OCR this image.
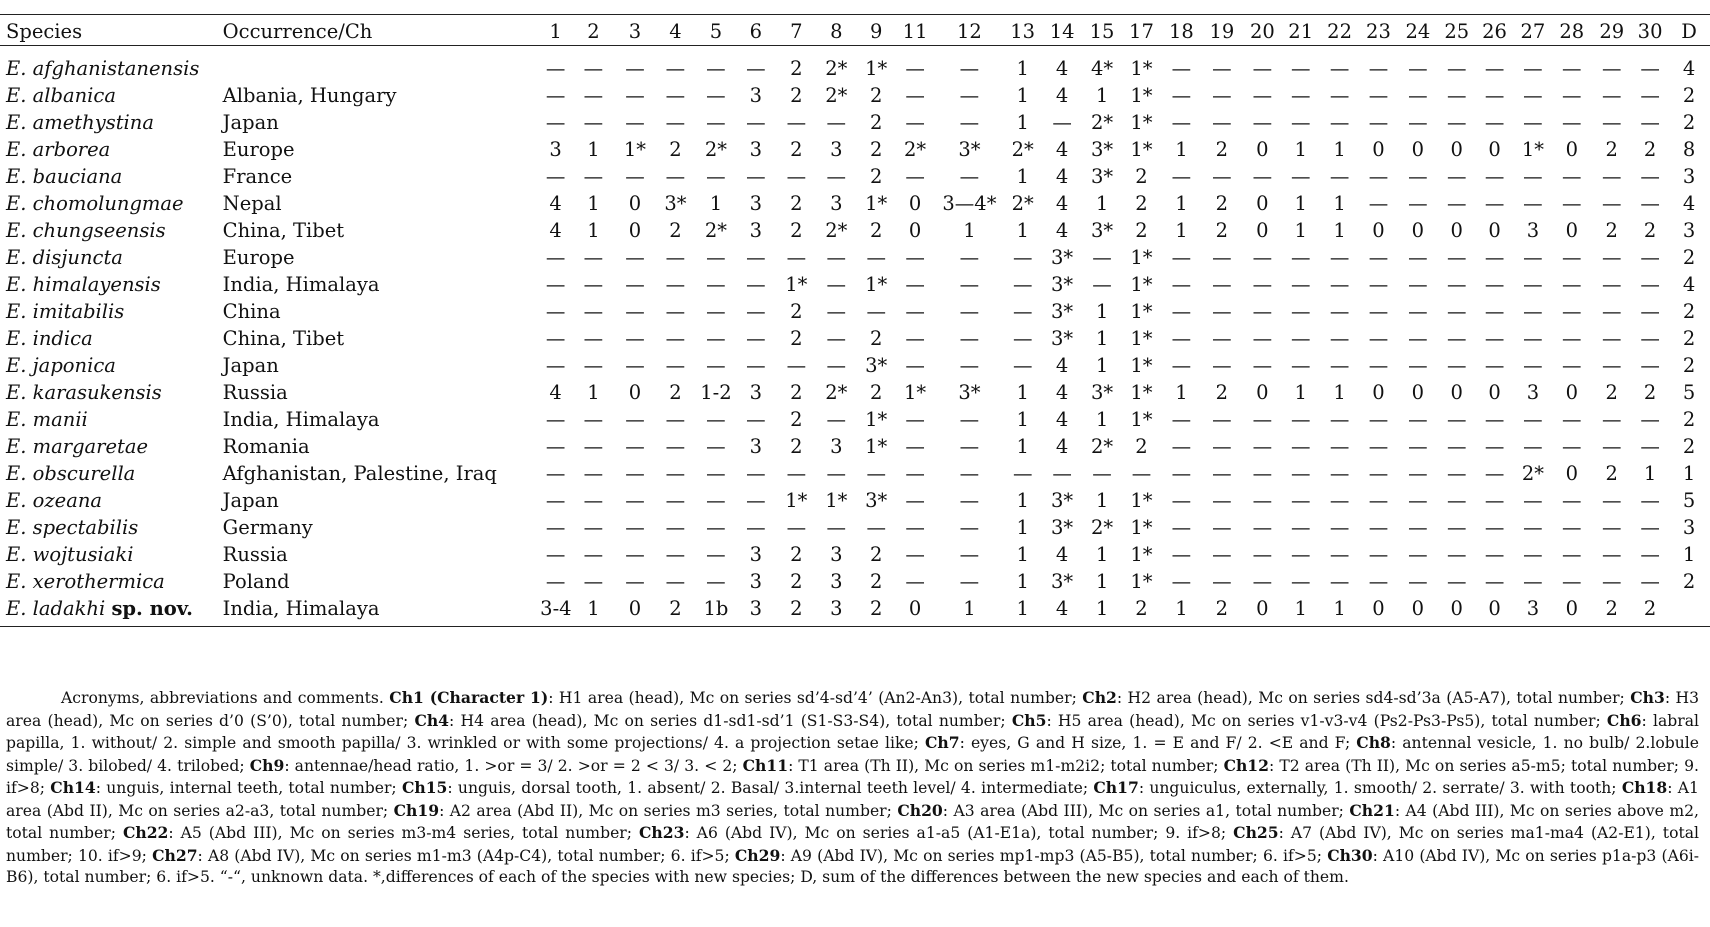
Species	Occurrence/Ch	1	2	3	4	5	6	7	8	9	11	12	13	14	15	17	18	19	20	21	22	23	24	25	26	27	28	29	30	D
E. afghanistanensis		—	—	—	—	—	—	2	2*	1*	—	—	1	4	4*	1*	—	—	—	—	—	—	—	—	—	—	—	—	—	4
E. albanica	Albania, Hungary	—	—	—	—	—	3	2	2*	2	—	—	1	4	1	1*	—	—	—	—	—	—	—	—	—	—	—	—	—	2
E. amethystina	Japan	—	—	—	—	—	—	—	—	2	—	—	1	—	2*	1*	—	—	—	—	—	—	—	—	—	—	—	—	—	2
E. arborea	Europe	3	1	1*	2	2*	3	2	3	2	2*	3*	2*	4	3*	1*	1	2	0	1	1	0	0	0	0	1*	0	2	2	8
E. bauciana	France	—	—	—	—	—	—	—	—	2	—	—	1	4	3*	2	—	—	—	—	—	—	—	—	—	—	—	—	—	3
E. chomolungmae	Nepal	4	1	0	3*	1	3	2	3	1*	0	3—4*	2*	4	1	2	1	2	0	1	1	—	—	—	—	—	—	—	—	4
E. chungseensis	China, Tibet	4	1	0	2	2*	3	2	2*	2	0	1	1	4	3*	2	1	2	0	1	1	0	0	0	0	3	0	2	2	3
E. disjuncta	Europe	—	—	—	—	—	—	—	—	—	—	—	—	3*	—	1*	—	—	—	—	—	—	—	—	—	—	—	—	—	2
E. himalayensis	India, Himalaya	—	—	—	—	—	—	1*	—	1*	—	—	—	3*	—	1*	—	—	—	—	—	—	—	—	—	—	—	—	—	4
E. imitabilis	China	—	—	—	—	—	—	2	—	—	—	—	—	3*	1	1*	—	—	—	—	—	—	—	—	—	—	—	—	—	2
E. indica	China, Tibet	—	—	—	—	—	—	2	—	2	—	—	—	3*	1	1*	—	—	—	—	—	—	—	—	—	—	—	—	—	2
E. japonica	Japan	—	—	—	—	—	—	—	—	3*	—	—	—	4	1	1*	—	—	—	—	—	—	—	—	—	—	—	—	—	2
E. karasukensis	Russia	4	1	0	2	1-2	3	2	2*	2	1*	3*	1	4	3*	1*	1	2	0	1	1	0	0	0	0	3	0	2	2	5
E. manii	India, Himalaya	—	—	—	—	—	—	2	—	1*	—	—	1	4	1	1*	—	—	—	—	—	—	—	—	—	—	—	—	—	2
E. margaretae	Romania	—	—	—	—	—	3	2	3	1*	—	—	1	4	2*	2	—	—	—	—	—	—	—	—	—	—	—	—	—	2
E. obscurella	Afghanistan, Palestine, Iraq	—	—	—	—	—	—	—	—	—	—	—	—	—	—	—	—	—	—	—	—	—	—	—	—	2*	0	2	1	1
E. ozeana	Japan	—	—	—	—	—	—	1*	1*	3*	—	—	1	3*	1	1*	—	—	—	—	—	—	—	—	—	—	—	—	—	5
E. spectabilis	Germany	—	—	—	—	—	—	—	—	—	—	—	1	3*	2*	1*	—	—	—	—	—	—	—	—	—	—	—	—	—	3
E. wojtusiaki	Russia	—	—	—	—	—	3	2	3	2	—	—	1	4	1	1*	—	—	—	—	—	—	—	—	—	—	—	—	—	1
E. xerothermica	Poland	—	—	—	—	—	3	2	3	2	—	—	1	3*	1	1*	—	—	—	—	—	—	—	—	—	—	—	—	—	2
E. ladakhi sp. nov.	India, Himalaya	3-4	1	0	2	1b	3	2	3	2	0	1	1	4	1	2	1	2	0	1	1	0	0	0	0	3	0	2	2	
Acronyms, abbreviations and comments. Ch1 (Character 1): H1 area (head), Mc on series sd’4-sd’4’ (An2-An3), total number; Ch2: H2 area (head), Mc on series sd4-sd’3a (A5-A7), total number; Ch3: H3 area (head), Mc on series d’0 (S’0), total number; Ch4: H4 area (head), Mc on series d1-sd1-sd’1 (S1-S3-S4), total number; Ch5: H5 area (head), Mc on series v1-v3-v4 (Ps2-Ps3-Ps5), total number; Ch6: labral papilla, 1. without/ 2. simple and smooth papilla/ 3. wrinkled or with some projections/ 4. a projection setae like; Ch7: eyes, G and H size, 1. = E and F/ 2. <E and F; Ch8: antennal vesicle, 1. no bulb/ 2.lobule simple/ 3. bilobed/ 4. trilobed; Ch9: antennae/head ratio, 1. >or = 3/ 2. >or = 2 < 3/ 3. < 2; Ch11: T1 area (Th II), Mc on series m1-m2i2; total number; Ch12: T2 area (Th II), Mc on series a5-m5; total number; 9. if>8; Ch14: unguis, internal teeth, total number; Ch15: unguis, dorsal tooth, 1. absent/ 2. Basal/ 3.internal teeth level/ 4. intermediate; Ch17: unguiculus, externally, 1. smooth/ 2. serrate/ 3. with tooth; Ch18: A1 area (Abd II), Mc on series a2-a3, total number; Ch19: A2 area (Abd II), Mc on series m3 series, total number; Ch20: A3 area (Abd III), Mc on series a1, total number; Ch21: A4 (Abd III), Mc on series above m2, total number; Ch22: A5 (Abd III), Mc on series m3-m4 series, total number; Ch23: A6 (Abd IV), Mc on series a1-a5 (A1-E1a), total number; 9. if>8; Ch25: A7 (Abd IV), Mc on series ma1-ma4 (A2-E1), total number; 10. if>9; Ch27: A8 (Abd IV), Mc on series m1-m3 (A4p-C4), total number; 6. if>5; Ch29: A9 (Abd IV), Mc on series mp1-mp3 (A5-B5), total number; 6. if>5; Ch30: A10 (Abd IV), Mc on series p1a-p3 (A6i-B6), total number; 6. if>5. “-“, unknown data. *,differences of each of the species with new species; D, sum of the differences between the new species and each of them.
